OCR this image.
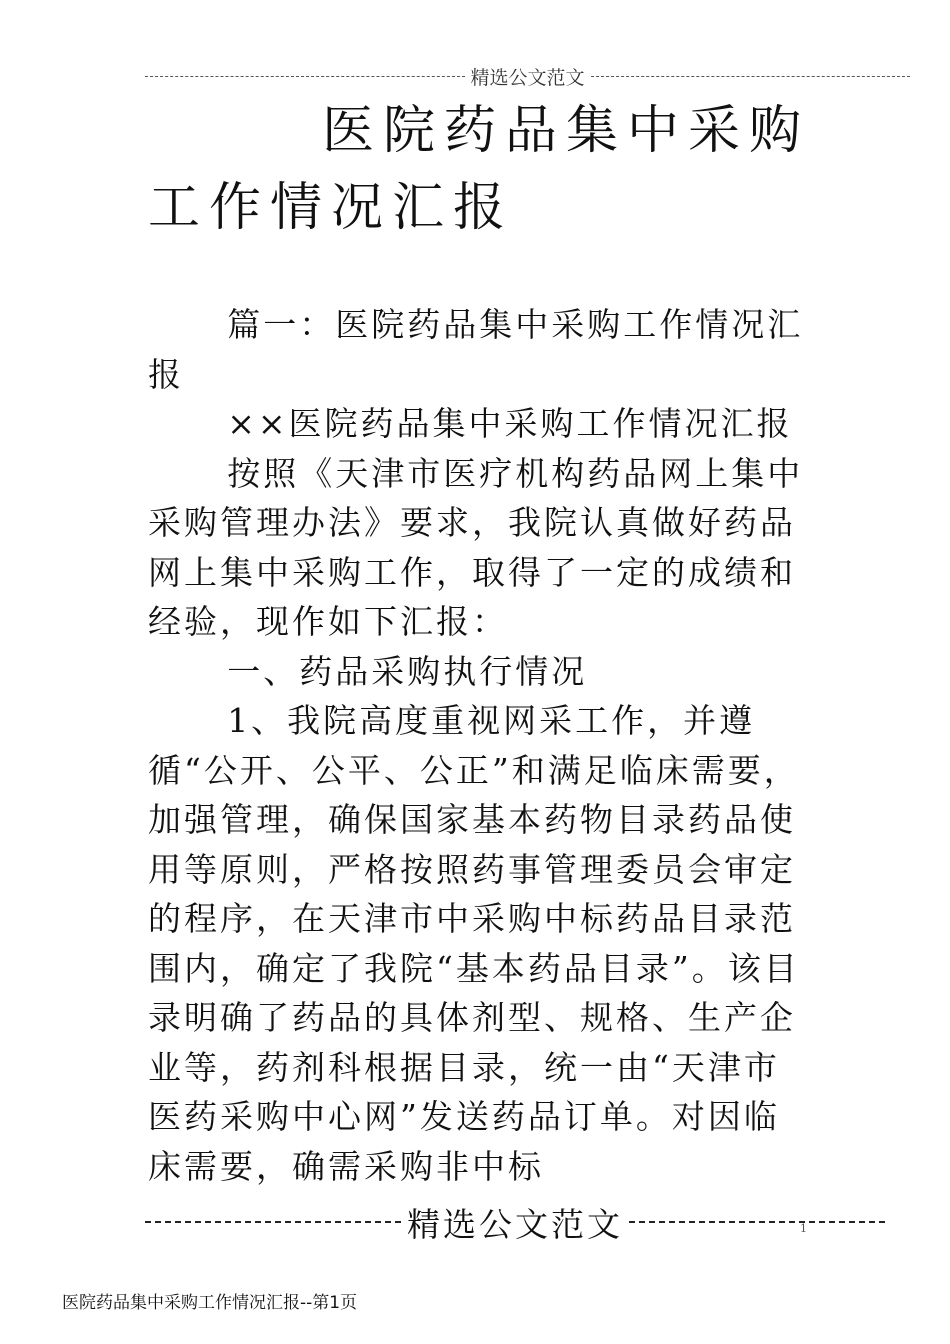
精选公文范文
医院药品集中采购
工作情况汇报

篇一：医院药品集中采购工作情况汇报

××医院药品集中采购工作情况汇报

按照《天津市医疗机构药品网上集中采购管理办法》要求，我院认真做好药品网上集中采购工作，取得了一定的成绩和经验，现作如下汇报：

一、药品采购执行情况

1、我院高度重视网采工作，并遵循“公开、公平、公正”和满足临床需要，加强管理，确保国家基本药物目录药品使用等原则，严格按照药事管理委员会审定的程序，在天津市中采购中标药品目录范围内，确定了我院“基本药品目录”。该目录明确了药品的具体剂型、规格、生产企业等，药剂科根据目录，统一由“天津市医药采购中心网”发送药品订单。对因临床需要，确需采购非中标

精选公文范文	1
医院药品集中采购工作情况汇报--第1页
